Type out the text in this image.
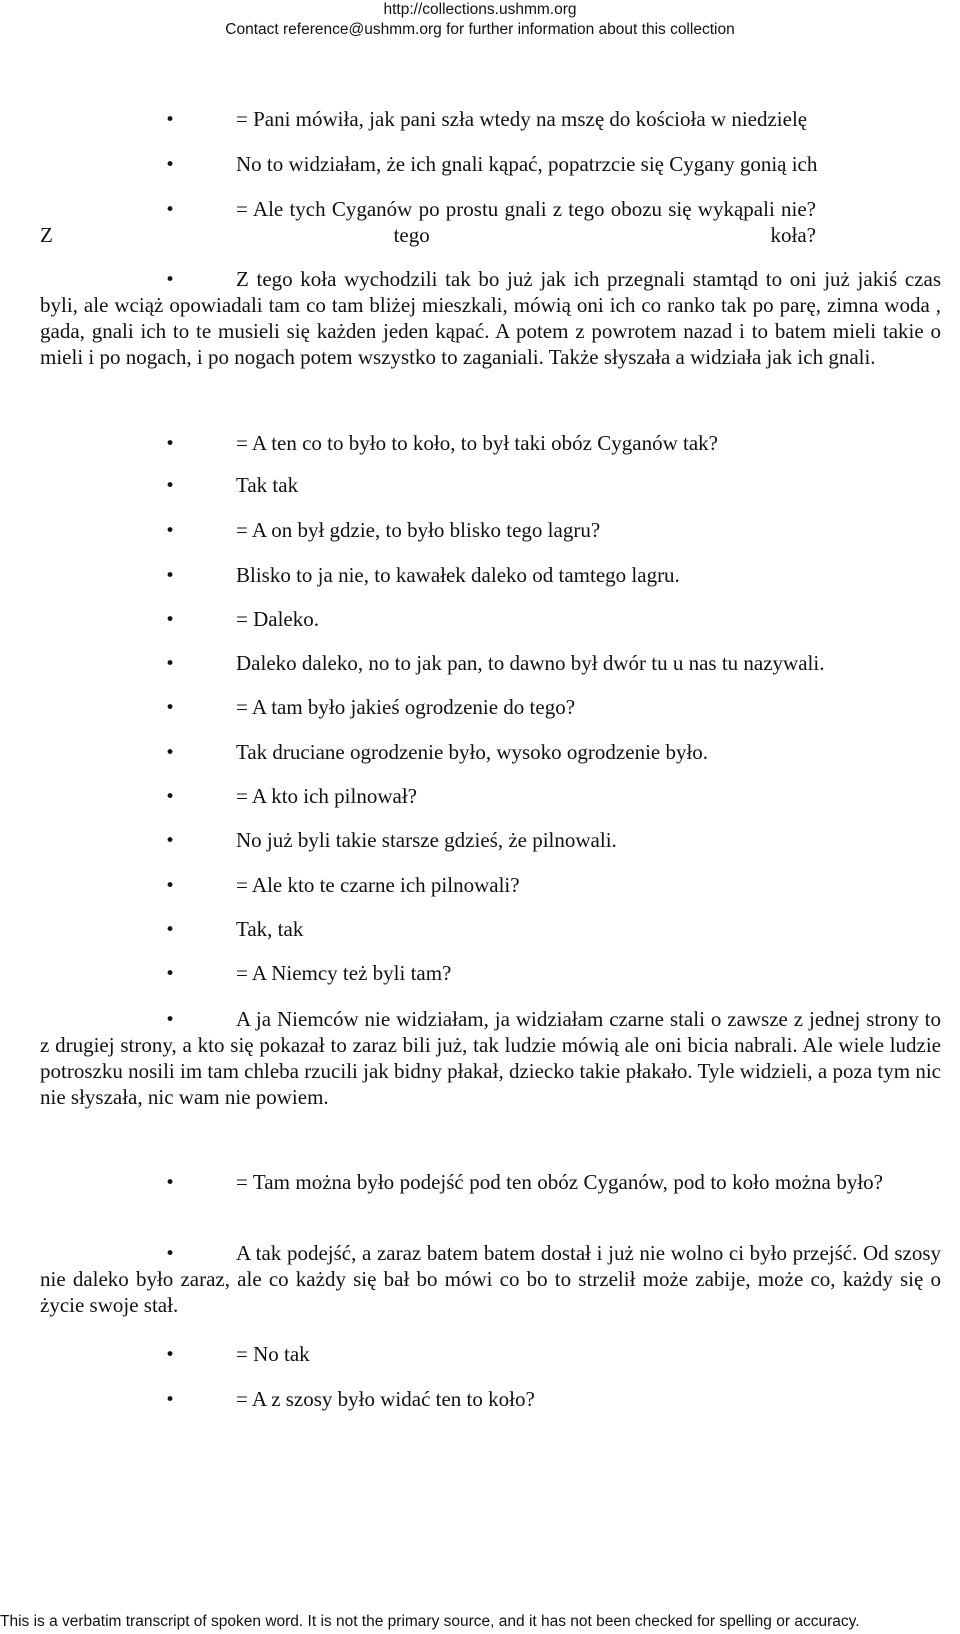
http://collections.ushmm.org
Contact reference@ushmm.org for further information about this collection
•	= Pani mówiła, jak pani szła wtedy na mszę do kościoła w niedzielę
•	No to widziałam, że ich gnali kąpać, popatrzcie się Cygany gonią ich
•	= Ale tych Cyganów po prostu gnali z tego obozu się wykąpali nie? Z tego koła?

•	Z tego koła wychodzili tak bo już jak ich przegnali stamtąd to oni już jakiś czas byli, ale wciąż opowiadali tam co tam bliżej mieszkali, mówią oni ich co ranko tak po parę, zimna woda , gada, gnali ich to te musieli się każden jeden kąpać. A potem z powrotem nazad i to batem mieli takie o mieli i po nogach, i po nogach potem wszystko to zaganiali. Także słyszała a widziała jak ich gnali.

•	= A ten co to było to koło, to był taki obóz Cyganów tak?
•	Tak tak
•	= A on był gdzie, to było blisko tego lagru?
•	Blisko to ja nie, to kawałek daleko od tamtego lagru.
•	= Daleko.
•	Daleko daleko, no to jak pan, to dawno był dwór tu u nas tu nazywali.
•	= A tam było jakieś ogrodzenie do tego?
•	Tak druciane ogrodzenie było, wysoko ogrodzenie było.
•	= A kto ich pilnował?
•	No już byli takie starsze gdzieś, że pilnowali.
•	= Ale kto te czarne ich pilnowali?
•	Tak, tak
•	= A Niemcy też byli tam?
•	A ja Niemców nie widziałam, ja widziałam czarne stali o zawsze z jednej strony to z drugiej strony, a kto się pokazał to zaraz bili już, tak ludzie mówią ale oni bicia nabrali. Ale wiele ludzie potroszku nosili im tam chleba rzucili jak bidny płakał, dziecko takie płakało. Tyle widzieli, a poza tym nic nie słyszała, nic wam nie powiem.

•	= Tam można było podejść pod ten obóz Cyganów, pod to koło można było?

•	A tak podejść, a zaraz batem batem dostał i już nie wolno ci było przejść. Od szosy nie daleko było zaraz, ale co każdy się bał bo mówi co bo to strzelił może zabije, może co, każdy się o życie swoje stał.

•	= No tak
•	= A z szosy było widać ten to koło?
This is a verbatim transcript of spoken word. It is not the primary source, and it has not been checked for spelling or accuracy.
